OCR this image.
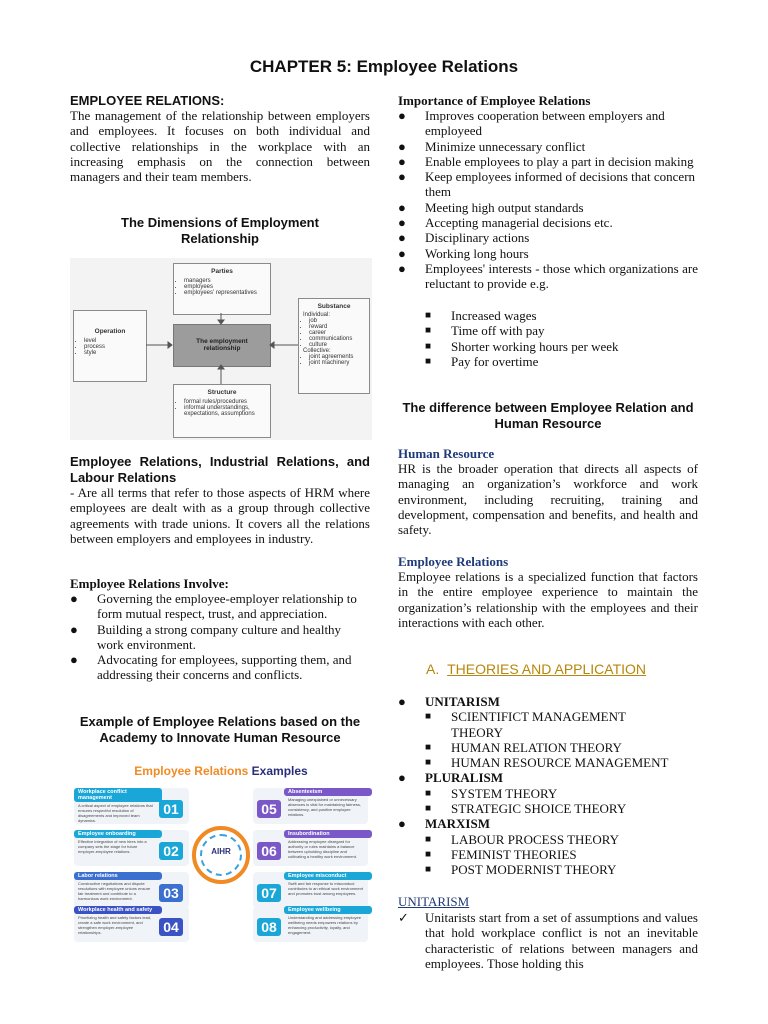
CHAPTER 5: Employee Relations
EMPLOYEE RELATIONS:
The management of the relationship between employers and employees. It focuses on both individual and collective relationships in the workplace with an increasing emphasis on the connection between managers and their team members.
The Dimensions of Employment Relationship
Parties
• managers
• employees
• employees' representatives
Operation
• level
• process
• style
The employment relationship
Substance
Individual:
• job
• reward
• career
• communications
• culture
Collective:
• joint agreements
• joint machinery
Structure
• formal rules/procedures
• informal understandings, expectations, assumptions
Employee Relations, Industrial Relations, and Labour Relations
- Are all terms that refer to those aspects of HRM where employees are dealt with as a group through collective agreements with trade unions. It covers all the relations between employers and employees in industry.
Employee Relations Involve:
● Governing the employee-employer relationship to form mutual respect, trust, and appreciation.
● Building a strong company culture and healthy work environment.
● Advocating for employees, supporting them, and addressing their concerns and conflicts.
Example of Employee Relations based on the Academy to Innovate Human Resource
Employee Relations Examples
AIHR
Workplace conflict management
A critical aspect of employee relations that ensures respectful resolution of disagreements and improved team dynamics.
01
Employee onboarding
Effective integration of new hires into a company sets the stage for future employer-employee relations.	02
Labor relations
Constructive negotiations and dispute resolutions with employee unions ensure fair treatment and contribute to a harmonious work environment.	03
Workplace health and safety
Prioritizing health and safety factors lead, create a safe work environment, and strengthen employer-employee relationships.	04
Absenteeism
Managing unexplained or unnecessary absences is vital for maintaining fairness, consistency, and positive employee relations.
05
Insubordination
Addressing employee disregard for authority or rules maintains a balance between upholding discipline and cultivating a healthy work environment.
06
Employee misconduct
Swift and fair response to misconduct contributes to an ethical work environment and promotes trust among employees.
07
Employee wellbeing
Understanding and addressing employee wellbeing needs empowers relations by enhancing productivity, loyalty, and engagement.
08
Importance of Employee Relations
● Improves cooperation between employers and employeed
● Minimize unnecessary conflict
● Enable employees to play a part in decision making
● Keep employees informed of decisions that concern them
● Meeting high output standards
● Accepting managerial decisions etc.
● Disciplinary actions
● Working long hours
● Employees' interests - those which organizations are reluctant to provide e.g.
■ Increased wages
■ Time off with pay
■ Shorter working hours per week
■ Pay for overtime
The difference between Employee Relation and Human Resource
Human Resource
HR is the broader operation that directs all aspects of managing an organization’s workforce and work environment, including recruiting, training and development, compensation and benefits, and health and safety.
Employee Relations
Employee relations is a specialized function that factors in the entire employee experience to maintain the organization’s relationship with the employees and their interactions with each other.
A. THEORIES AND APPLICATION
● UNITARISM
■ SCIENTIFICT MANAGEMENT THEORY
■ HUMAN RELATION THEORY
■ HUMAN RESOURCE MANAGEMENT
● PLURALISM
■ SYSTEM THEORY
■ STRATEGIC SHOICE THEORY
● MARXISM
■ LABOUR PROCESS THEORY
■ FEMINIST THEORIES
■ POST MODERNIST THEORY
UNITARISM
✓ Unitarists start from a set of assumptions and values that hold workplace conflict is not an inevitable characteristic of relations between managers and employees. Those holding this
